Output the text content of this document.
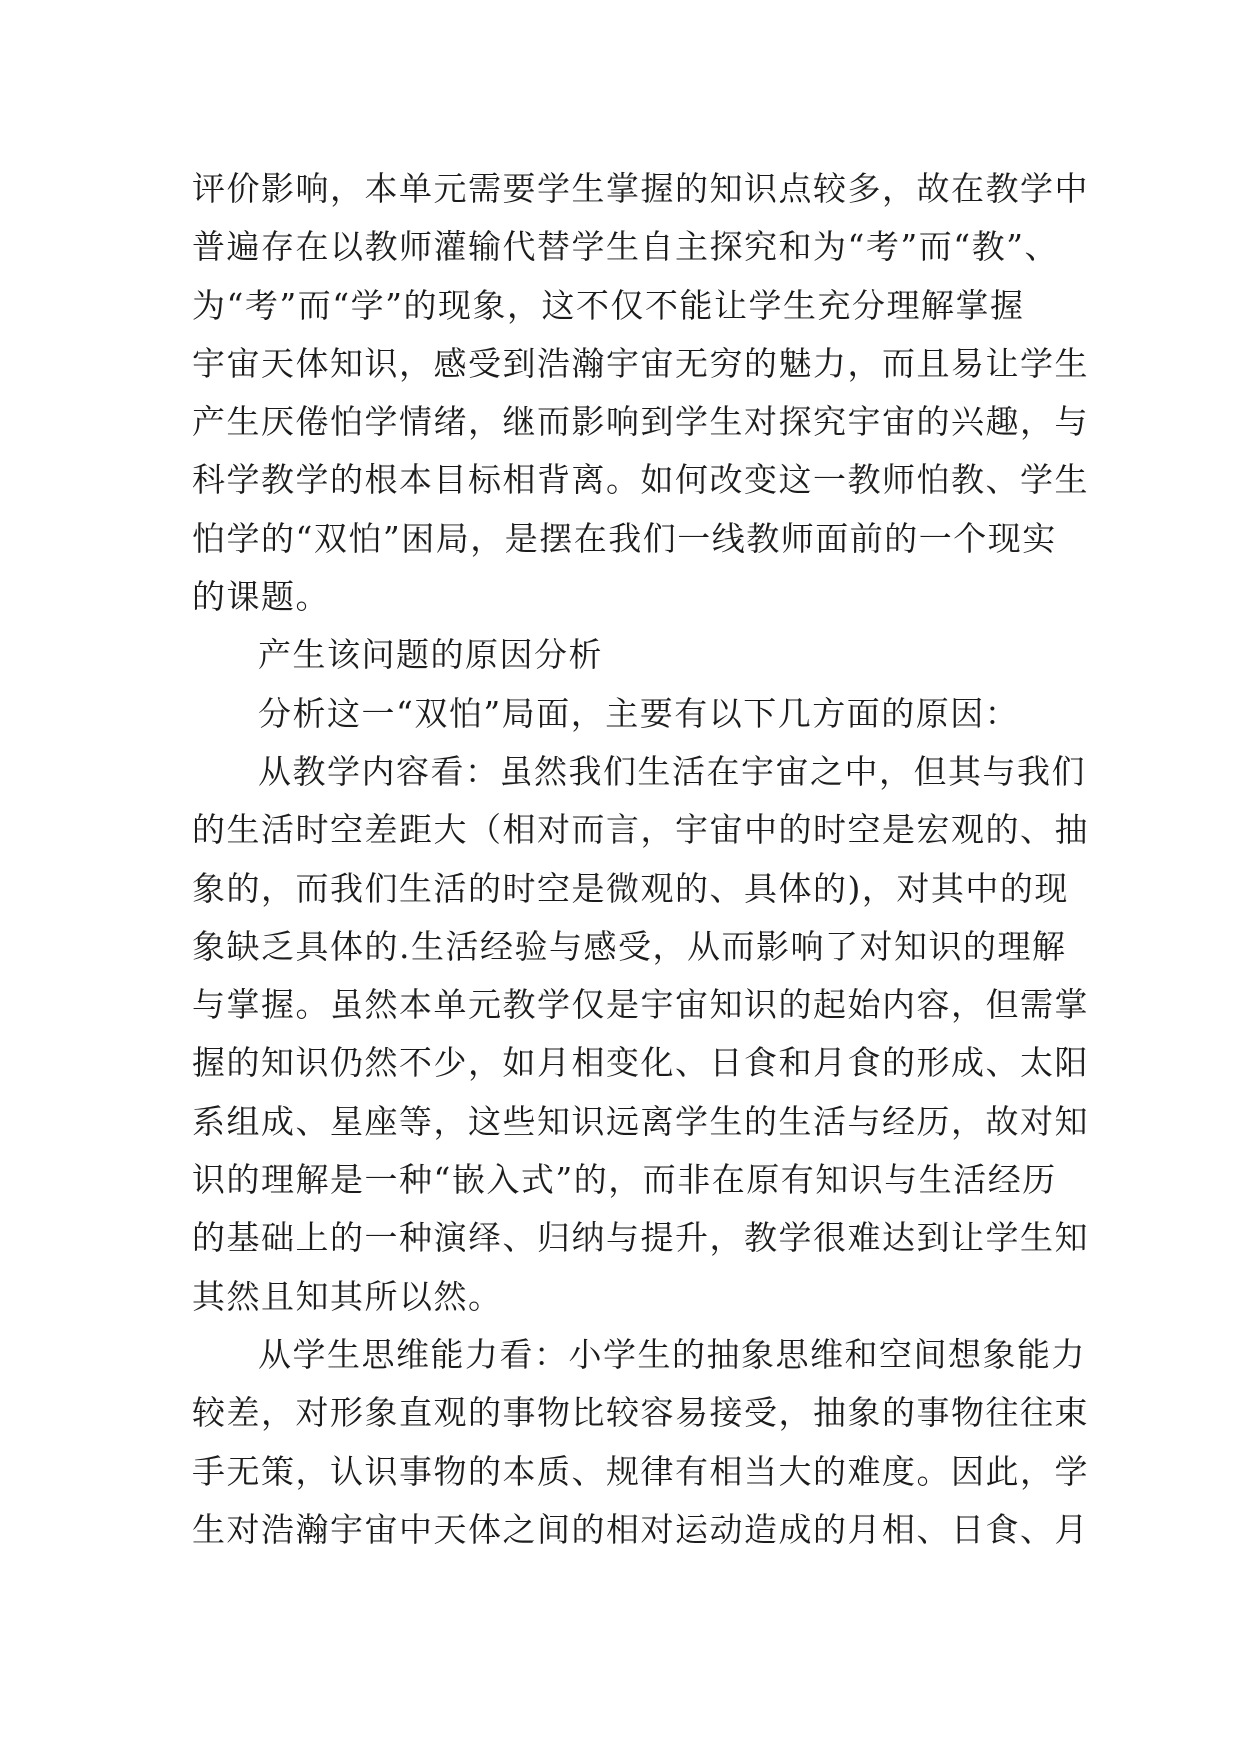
评价影响，本单元需要学生掌握的知识点较多，故在教学中
普遍存在以教师灌输代替学生自主探究和为“考”而“教”、
为“考”而“学”的现象，这不仅不能让学生充分理解掌握
宇宙天体知识，感受到浩瀚宇宙无穷的魅力，而且易让学生
产生厌倦怕学情绪，继而影响到学生对探究宇宙的兴趣，与
科学教学的根本目标相背离。如何改变这一教师怕教、学生
怕学的“双怕”困局，是摆在我们一线教师面前的一个现实
的课题。
产生该问题的原因分析
分析这一“双怕”局面，主要有以下几方面的原因：
从教学内容看：虽然我们生活在宇宙之中，但其与我们
的生活时空差距大（相对而言，宇宙中的时空是宏观的、抽
象的，而我们生活的时空是微观的、具体的)，对其中的现
象缺乏具体的.生活经验与感受，从而影响了对知识的理解
与掌握。虽然本单元教学仅是宇宙知识的起始内容，但需掌
握的知识仍然不少，如月相变化、日食和月食的形成、太阳
系组成、星座等，这些知识远离学生的生活与经历，故对知
识的理解是一种“嵌入式”的，而非在原有知识与生活经历
的基础上的一种演绎、归纳与提升，教学很难达到让学生知
其然且知其所以然。
从学生思维能力看：小学生的抽象思维和空间想象能力
较差，对形象直观的事物比较容易接受，抽象的事物往往束
手无策，认识事物的本质、规律有相当大的难度。因此，学
生对浩瀚宇宙中天体之间的相对运动造成的月相、日食、月
